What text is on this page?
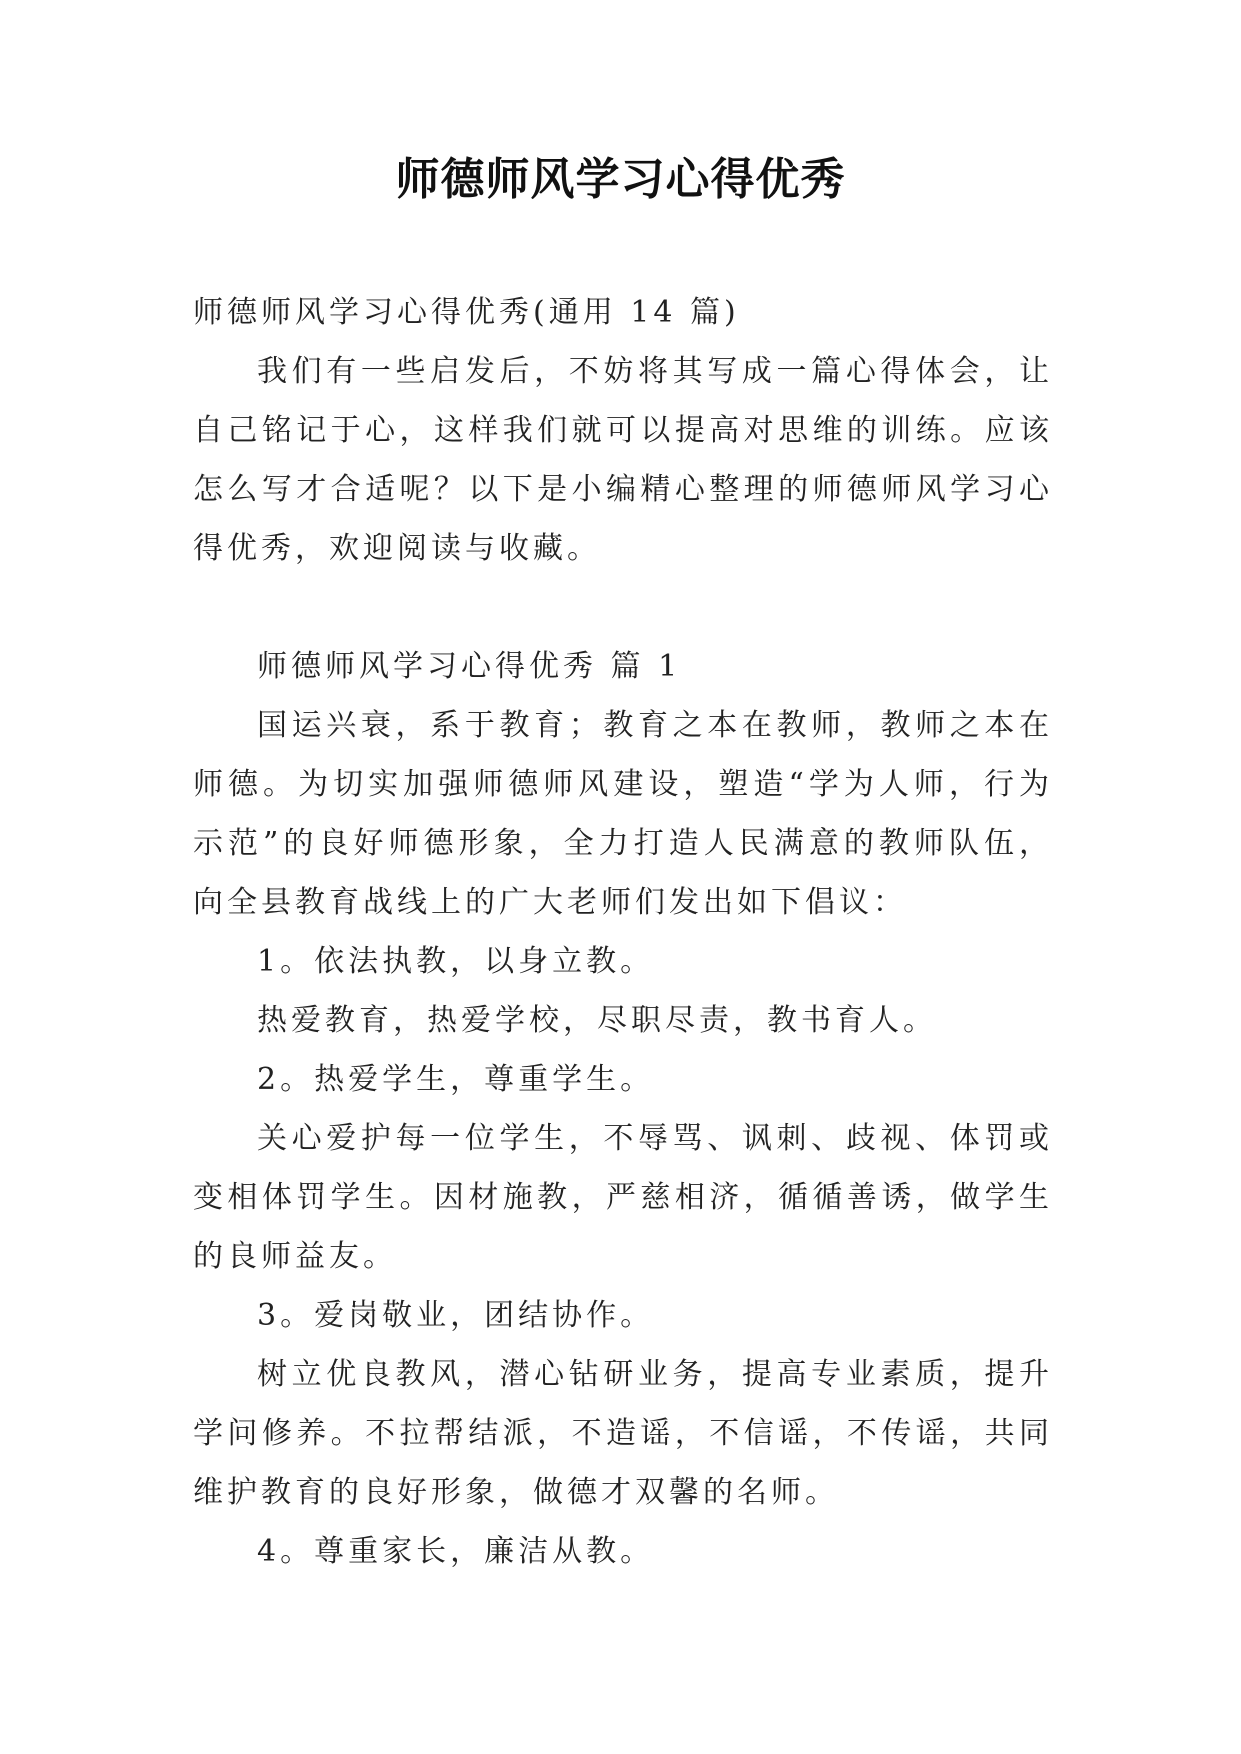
师德师风学习心得优秀

师德师风学习心得优秀(通用 14 篇)

我们有一些启发后，不妨将其写成一篇心得体会，让自己铭记于心，这样我们就可以提高对思维的训练。应该怎么写才合适呢？以下是小编精心整理的师德师风学习心得优秀，欢迎阅读与收藏。

师德师风学习心得优秀 篇 1

国运兴衰，系于教育；教育之本在教师，教师之本在师德。为切实加强师德师风建设，塑造“学为人师，行为示范”的良好师德形象，全力打造人民满意的教师队伍，向全县教育战线上的广大老师们发出如下倡议：

1。依法执教，以身立教。

热爱教育，热爱学校，尽职尽责，教书育人。

2。热爱学生，尊重学生。

关心爱护每一位学生，不辱骂、讽刺、歧视、体罚或变相体罚学生。因材施教，严慈相济，循循善诱，做学生的良师益友。

3。爱岗敬业，团结协作。

树立优良教风，潜心钻研业务，提高专业素质，提升学问修养。不拉帮结派，不造谣，不信谣，不传谣，共同维护教育的良好形象，做德才双馨的名师。

4。尊重家长，廉洁从教。
